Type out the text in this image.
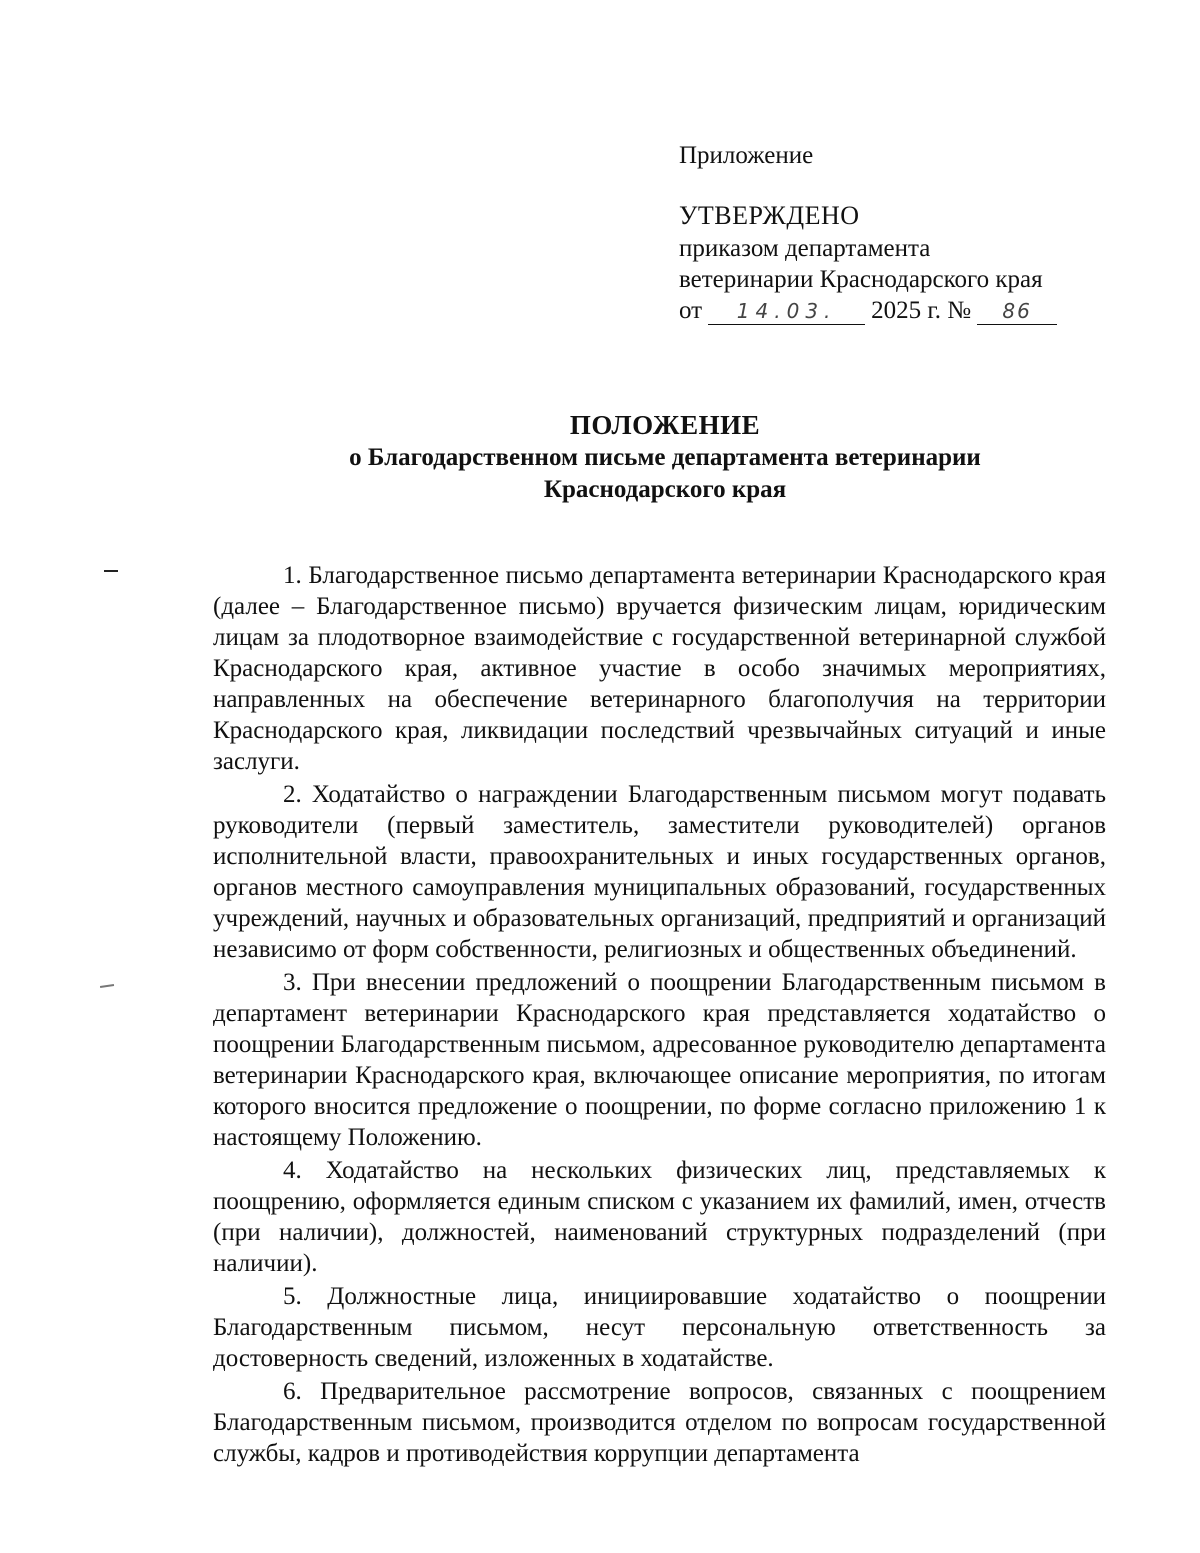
Приложение
УТВЕРЖДЕНО
приказом департамента
ветеринарии Краснодарского края
от 14.03. 2025 г. № 86
ПОЛОЖЕНИЕ
о Благодарственном письме департамента ветеринарии
Краснодарского края

1. Благодарственное письмо департамента ветеринарии Краснодарского края (далее – Благодарственное письмо) вручается физическим лицам, юридическим лицам за плодотворное взаимодействие с государственной ветеринарной службой Краснодарского края, активное участие в особо значимых мероприятиях, направленных на обеспечение ветеринарного благополучия на территории Краснодарского края, ликвидации последствий чрезвычайных ситуаций и иные заслуги.

2. Ходатайство о награждении Благодарственным письмом могут подавать руководители (первый заместитель, заместители руководителей) органов исполнительной власти, правоохранительных и иных государственных органов, органов местного самоуправления муниципальных образований, государственных учреждений, научных и образовательных организаций, предприятий и организаций независимо от форм собственности, религиозных и общественных объединений.

3. При внесении предложений о поощрении Благодарственным письмом в департамент ветеринарии Краснодарского края представляется ходатайство о поощрении Благодарственным письмом, адресованное руководителю департамента ветеринарии Краснодарского края, включающее описание мероприятия, по итогам которого вносится предложение о поощрении, по форме согласно приложению 1 к настоящему Положению.

4. Ходатайство на нескольких физических лиц, представляемых к поощрению, оформляется единым списком с указанием их фамилий, имен, отчеств (при наличии), должностей, наименований структурных подразделений (при наличии).

5. Должностные лица, инициировавшие ходатайство о поощрении Благодарственным письмом, несут персональную ответственность за достоверность сведений, изложенных в ходатайстве.

6. Предварительное рассмотрение вопросов, связанных с поощрением Благодарственным письмом, производится отделом по вопросам государственной службы, кадров и противодействия коррупции департамента
